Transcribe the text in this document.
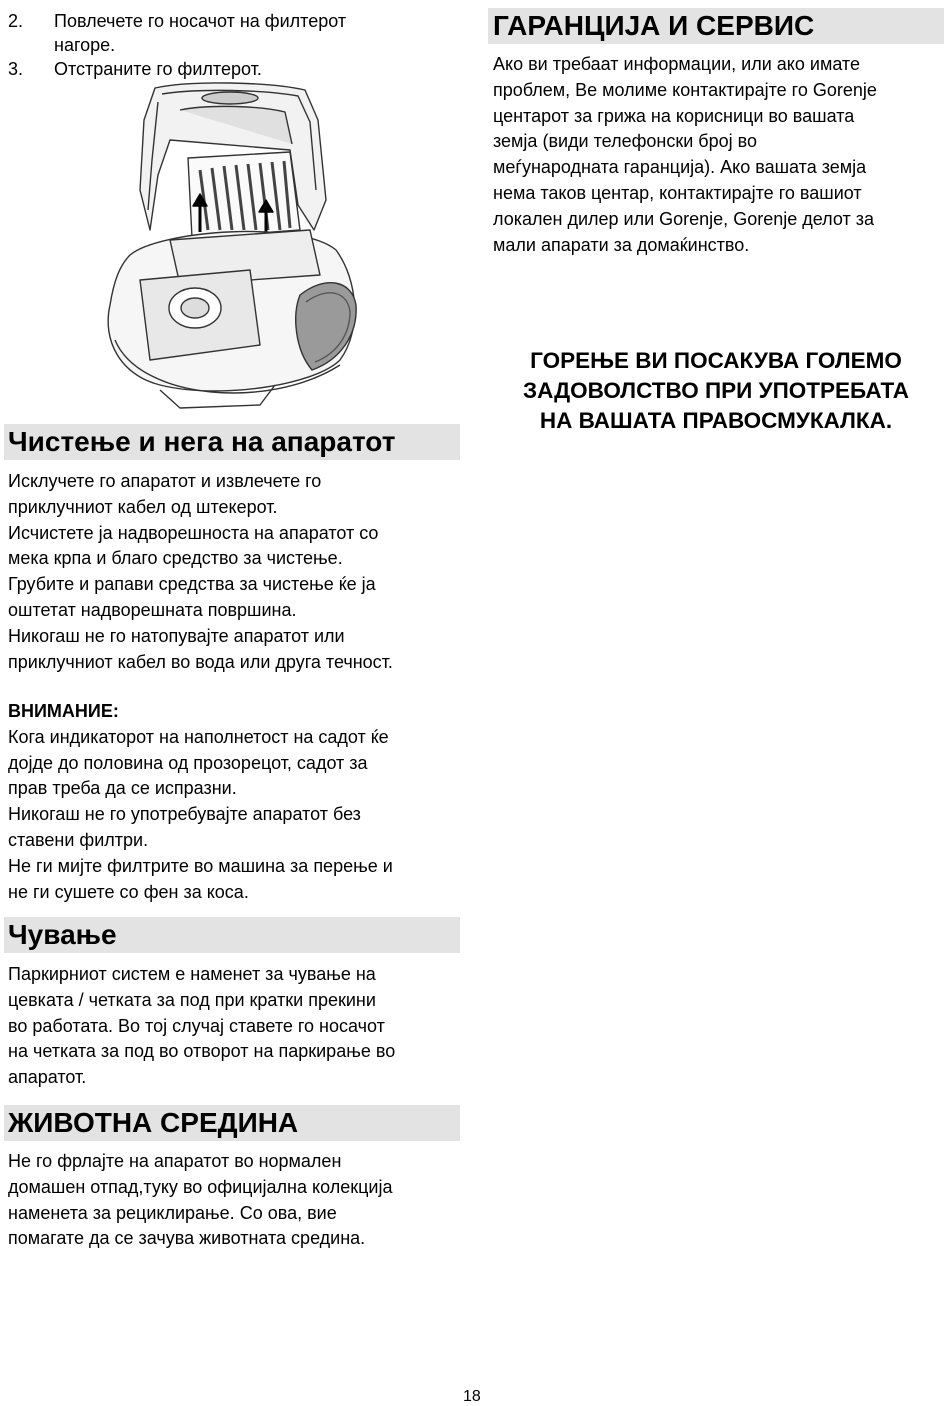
2.	Повлечете го носачот на филтерот
нагоре.
3.	Отстраните го филтерот.
Чистење и нега на апаратот
Исклучете го апаратот и извлечете го
приклучниот кабел од штекерот.
Исчистете ја надворешноста на апаратот со
мека крпа и благо средство за чистење.
Грубите и рапави средства за чистење ќе ја
оштетат надворешната површина.
Никогаш не го натопувајте апаратот или
приклучниот кабел во вода или друга течност.
ВНИМАНИЕ:
Кога индикаторот на наполнетост на садот ќе
дојде до половина од прозорецот, садот за
прав треба да се испразни.
Никогаш не го употребувајте апаратот без
ставени филтри.
Не ги мијте филтрите во машина за перење и
не ги сушете со фен за коса.
Чување
Паркирниот систем е наменет за чување на
цевката / четката за под при кратки прекини
во работата. Во тој случај ставете го носачот
на четката за под во отворот на паркирање во
апаратот.
ЖИВОТНА СРЕДИНА
Не го фрлајте на апаратот во нормален
домашен отпад,туку во официјална колекција
наменета за рециклирање. Со ова, вие
помагате да се зачува животната средина.
ГАРАНЦИЈА И СЕРВИС
Ако ви требаат информации, или ако имате
проблем, Ве молиме контактирајте го Gorenje
центарот за грижа на корисници во вашата
земја (види телефонски број во
меѓународната гаранција). Ако вашата земја
нема таков центар, контактирајте го вашиот
локален дилер или Gorenje, Gorenje делот за
мали апарати за домаќинство.
ГОРЕЊЕ ВИ ПОСАКУВА ГОЛЕМО
ЗАДОВОЛСТВО ПРИ УПОТРЕБАТА
НА ВАШАТА ПРАВОСМУКАЛКА.
18
